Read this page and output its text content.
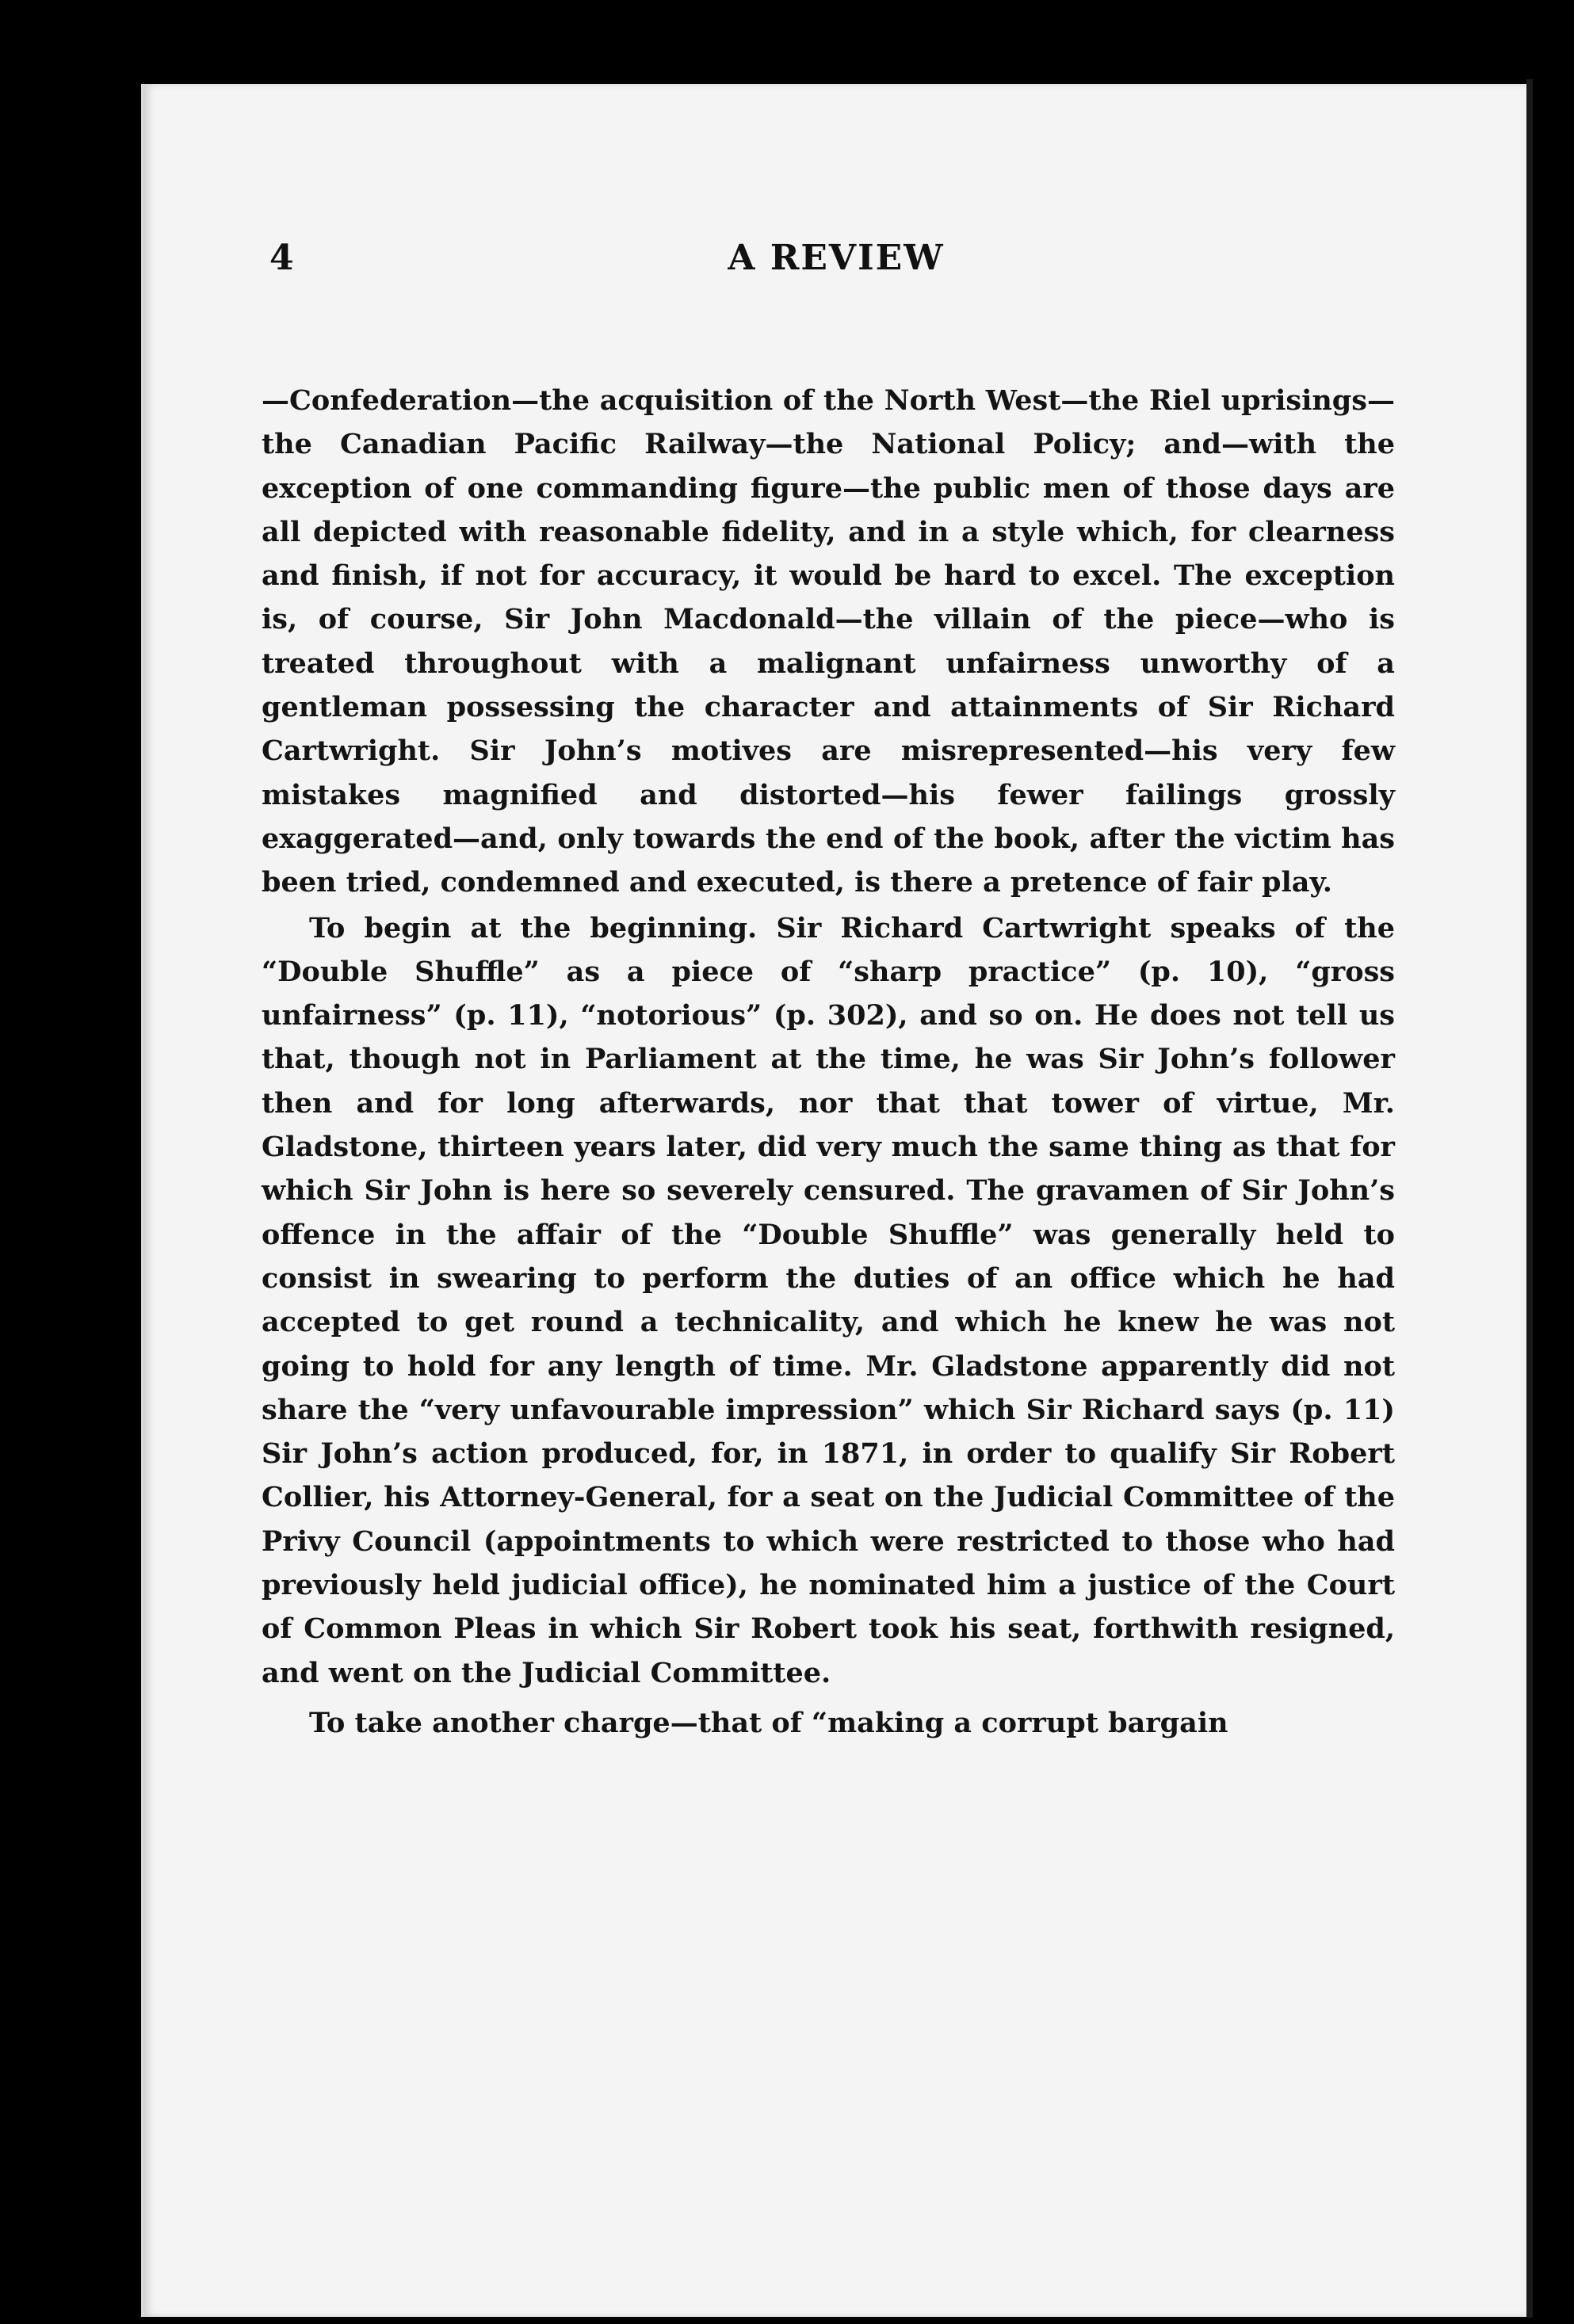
4	A REVIEW

—Confederation—the acquisition of the North West—the Riel uprisings—the Canadian Pacific Railway—the National Policy; and—with the exception of one commanding figure—the public men of those days are all depicted with reasonable fidelity, and in a style which, for clearness and finish, if not for accuracy, it would be hard to excel. The exception is, of course, Sir John Macdonald—the villain of the piece—who is treated throughout with a malignant unfairness unworthy of a gentleman possessing the character and attainments of Sir Richard Cartwright. Sir John’s motives are misrepresented—his very few mistakes magnified and distorted—his fewer failings grossly exaggerated—and, only towards the end of the book, after the victim has been tried, condemned and executed, is there a pretence of fair play.

To begin at the beginning. Sir Richard Cartwright speaks of the “Double Shuffle” as a piece of “sharp practice” (p. 10), “gross unfairness” (p. 11), “notorious” (p. 302), and so on. He does not tell us that, though not in Parliament at the time, he was Sir John’s follower then and for long afterwards, nor that that tower of virtue, Mr. Gladstone, thirteen years later, did very much the same thing as that for which Sir John is here so severely censured. The gravamen of Sir John’s offence in the affair of the “Double Shuffle” was generally held to consist in swearing to perform the duties of an office which he had accepted to get round a technicality, and which he knew he was not going to hold for any length of time. Mr. Gladstone apparently did not share the “very unfavourable impression” which Sir Richard says (p. 11) Sir John’s action produced, for, in 1871, in order to qualify Sir Robert Collier, his Attorney-General, for a seat on the Judicial Committee of the Privy Council (appointments to which were restricted to those who had previously held judicial office), he nominated him a justice of the Court of Common Pleas in which Sir Robert took his seat, forthwith resigned, and went on the Judicial Committee.

To take another charge—that of “making a corrupt bargain
